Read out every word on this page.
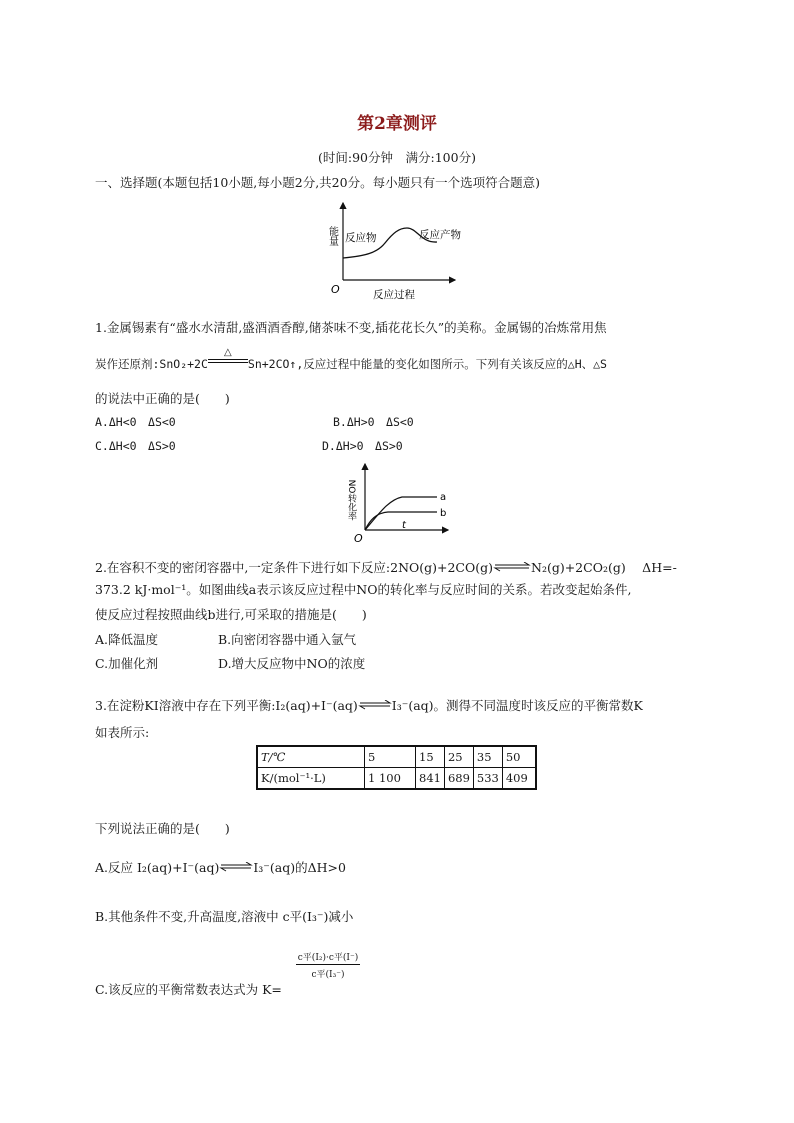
第2章测评
(时间:90分钟　满分:100分)
一、选择题(本题包括10小题,每小题2分,共20分。每小题只有一个选项符合题意)
能量 反应物	反应产物
O	反应过程
1.金属锡素有“盛水水清甜,盛酒酒香醇,储茶味不变,插花花长久”的美称。金属锡的冶炼常用焦
炭作还原剂:SnO₂+2C
△
Sn+2CO↑,反应过程中能量的变化如图所示。下列有关该反应的△H、△S
的说法中正确的是(　　)
A.ΔH<0　ΔS<0	B.ΔH>0　ΔS<0
C.ΔH<0　ΔS>0	D.ΔH>0　ΔS>0
NO转化率	a
b
t
O
2.在容积不变的密闭容器中,一定条件下进行如下反应:2NO(g)+2CO(g)⇌N₂(g)+2CO₂(g)　 ΔH=-
373.2 kJ·mol⁻¹。如图曲线a表示该反应过程中NO的转化率与反应时间的关系。若改变起始条件,
使反应过程按照曲线b进行,可采取的措施是(　　)
A.降低温度	B.向密闭容器中通入氩气
C.加催化剂	D.增大反应物中NO的浓度
3.在淀粉KI溶液中存在下列平衡:I₂(aq)+I⁻(aq)⇌I₃⁻(aq)。测得不同温度时该反应的平衡常数K
如表所示:
T/℃	5	15	25	35	50
K/(mol⁻¹·L)	1 100	841	689	533	409
下列说法正确的是(　　)
A.反应 I₂(aq)+I⁻(aq)⇌I₃⁻(aq)的ΔH>0
B.其他条件不变,升高温度,溶液中 c平(I₃⁻)减小
c平(I₂)·c平(I⁻)
c平(I₃⁻)
C.该反应的平衡常数表达式为 K=
